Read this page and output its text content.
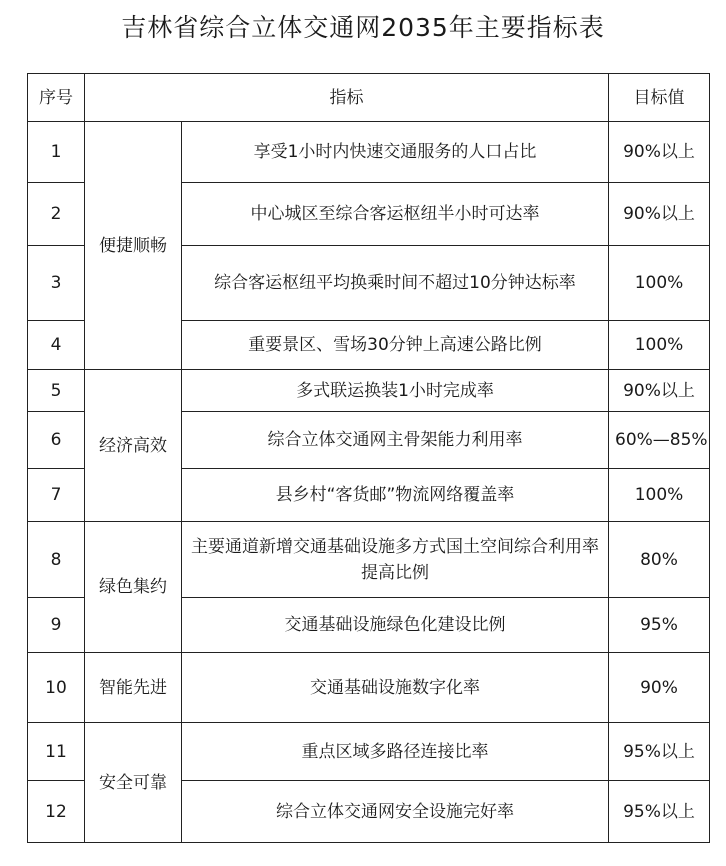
吉林省综合立体交通网2035年主要指标表
序号	指标		目标值
1	便捷顺畅	享受1小时内快速交通服务的人口占比	90%以上
2		中心城区至综合客运枢纽半小时可达率	90%以上
3		综合客运枢纽平均换乘时间不超过10分钟达标率	100%
4		重要景区、雪场30分钟上高速公路比例	100%
5	经济高效	多式联运换装1小时完成率	90%以上
6		综合立体交通网主骨架能力利用率	60%—85%
7		县乡村“客货邮”物流网络覆盖率	100%
8	绿色集约	主要通道新增交通基础设施多方式国土空间综合利用率提高比例	80%
9		交通基础设施绿色化建设比例	95%
10	智能先进	交通基础设施数字化率	90%
11	安全可靠	重点区域多路径连接比率	95%以上
12		综合立体交通网安全设施完好率	95%以上
